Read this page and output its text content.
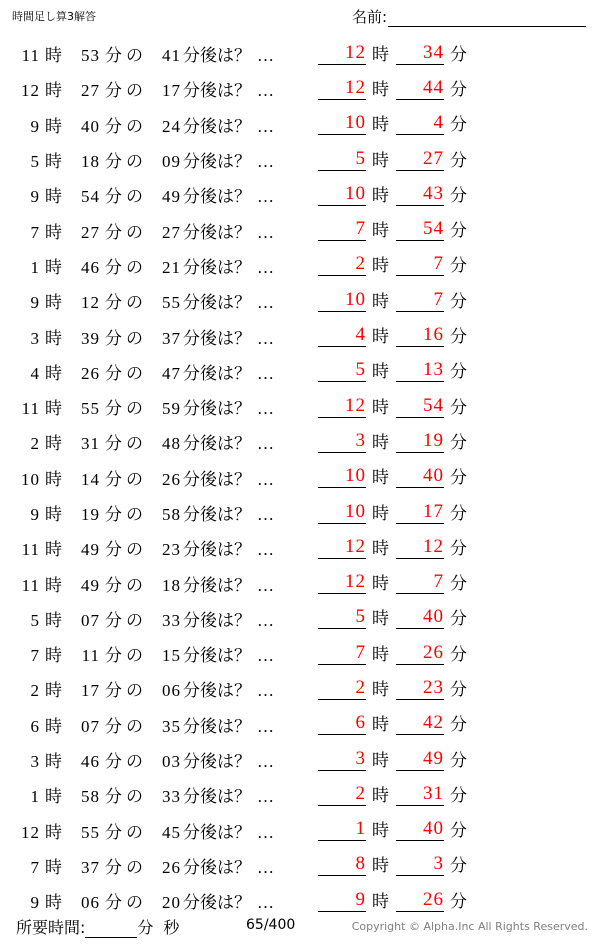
時間足し算3解答	名前:
11 時	53 分 の	41 分後は？ …	12 時	34 分
12 時	27 分 の	17 分後は？ …	12 時	44 分
9 時	40 分 の	24 分後は？ …	10 時	4 分
5 時	18 分 の	09 分後は？ …	5 時	27 分
9 時	54 分 の	49 分後は？ …	10 時	43 分
7 時	27 分 の	27 分後は？ …	7 時	54 分
1 時	46 分 の	21 分後は？ …	2 時	7 分
9 時	12 分 の	55 分後は？ …	10 時	7 分
3 時	39 分 の	37 分後は？ …	4 時	16 分
4 時	26 分 の	47 分後は？ …	5 時	13 分
11 時	55 分 の	59 分後は？ …	12 時	54 分
2 時	31 分 の	48 分後は？ …	3 時	19 分
10 時	14 分 の	26 分後は？ …	10 時	40 分
9 時	19 分 の	58 分後は？ …	10 時	17 分
11 時	49 分 の	23 分後は？ …	12 時	12 分
11 時	49 分 の	18 分後は？ …	12 時	7 分
5 時	07 分 の	33 分後は？ …	5 時	40 分
7 時	11 分 の	15 分後は？ …	7 時	26 分
2 時	17 分 の	06 分後は？ …	2 時	23 分
6 時	07 分 の	35 分後は？ …	6 時	42 分
3 時	46 分 の	03 分後は？ …	3 時	49 分
1 時	58 分 の	33 分後は？ …	2 時	31 分
12 時	55 分 の	45 分後は？ …	1 時	40 分
7 時	37 分 の	26 分後は？ …	8 時	3 分
9 時	06 分 の	20 分後は？ …	9 時	26 分
所要時間:	分 秒	65/400	Copyright © Alpha.Inc All Rights Reserved.
